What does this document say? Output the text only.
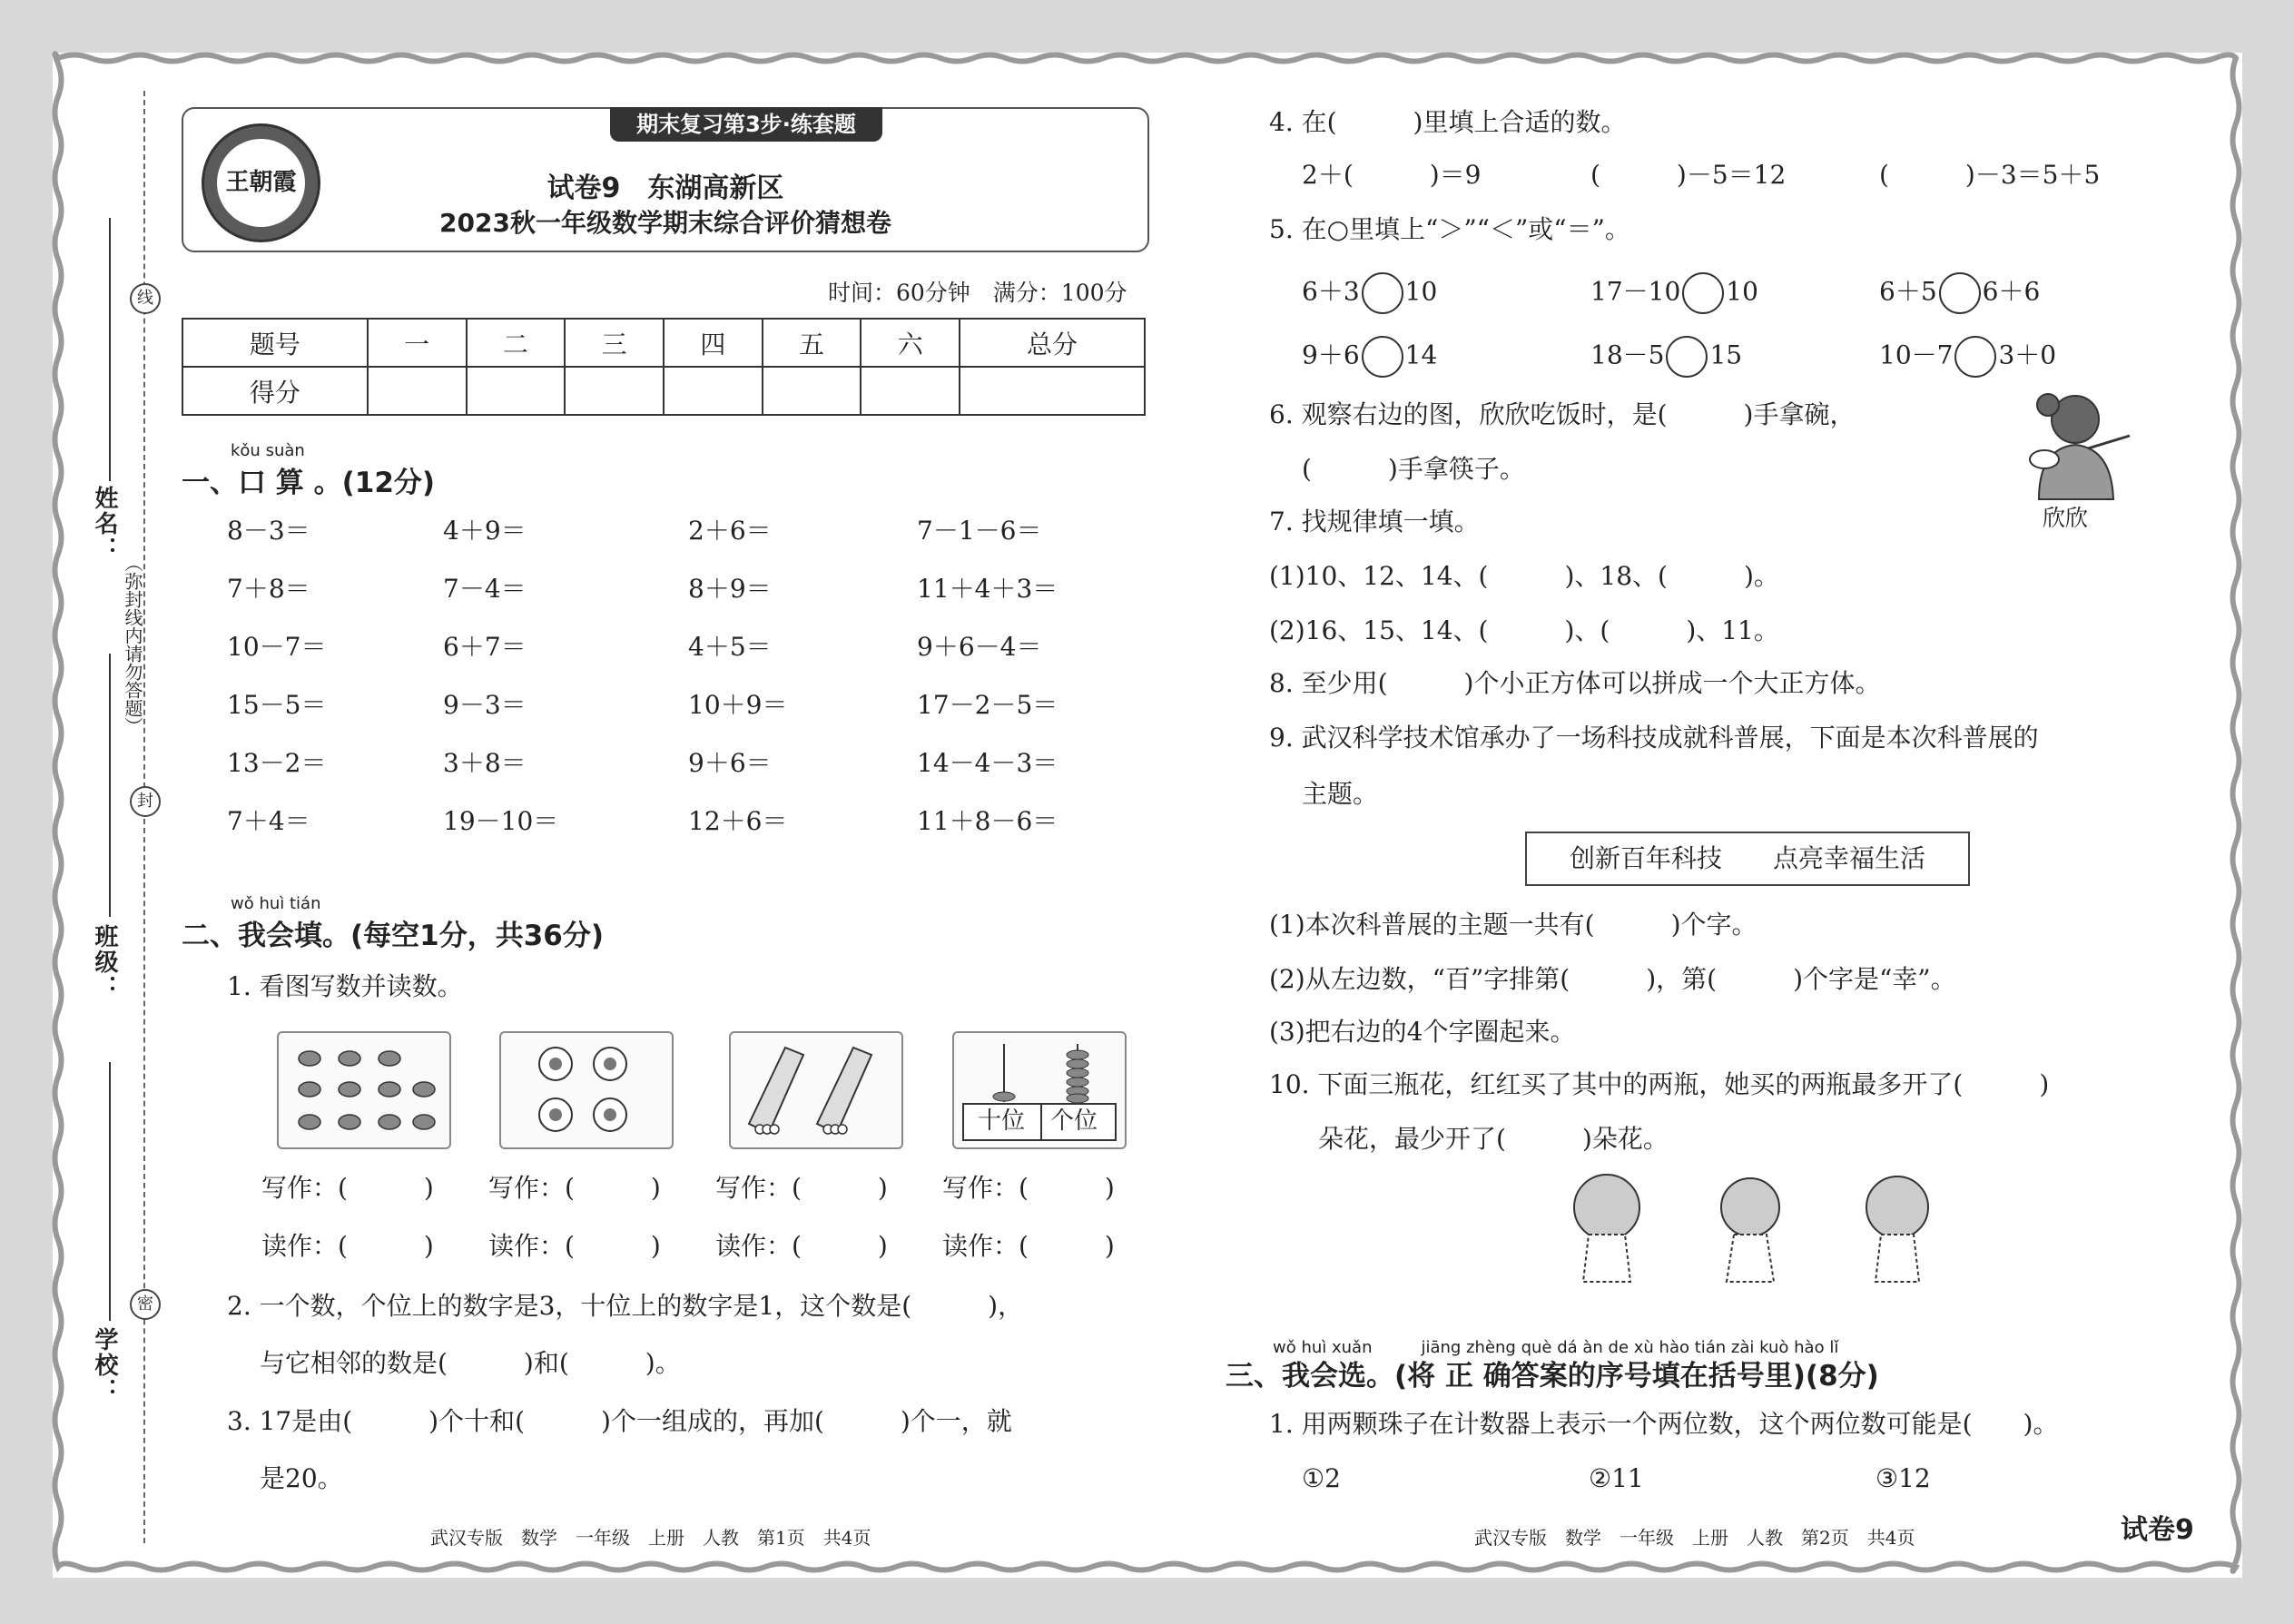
线
封
密
（弥封线内请勿答题）
姓名：
班级：
学校：
王朝霞
期末复习第3步·练套题
试卷9　东湖高新区
2023秋一年级数学期末综合评价猜想卷
时间：60分钟　满分：100分
题号	一	二	三	四	五	六	总分
得分							
kǒu suàn
一、口 算 。(12分)
8－3＝	4＋9＝	2＋6＝	7－1－6＝
7＋8＝	7－4＝	8＋9＝	11＋4＋3＝
10－7＝	6＋7＝	4＋5＝	9＋6－4＝
15－5＝	9－3＝	10＋9＝	17－2－5＝
13－2＝	3＋8＝	9＋6＝	14－4－3＝
7＋4＝	19－10＝	12＋6＝	11＋8－6＝
wǒ huì tián
二、我会填。(每空1分，共36分)
1. 看图写数并读数。
十位 个位
写作：(　　　)
读作：(　　　)
写作：(　　　)
读作：(　　　)
写作：(　　　)
读作：(　　　)
写作：(　　　)
读作：(　　　)
2. 一个数，个位上的数字是3，十位上的数字是1，这个数是(　　　)，
与它相邻的数是(　　　)和(　　　)。
3. 17是由(　　　)个十和(　　　)个一组成的，再加(　　　)个一，就
是20。
4. 在(　　　)里填上合适的数。
2＋(　　　)＝9	(　　　)－5＝12	(　　　)－3＝5＋5
5. 在○里填上“＞”“＜”或“＝”。
6＋3 10	17－10 10	6＋5 6＋6
9＋6 14	18－5 15	10－7 3＋0
6. 观察右边的图，欣欣吃饭时，是(　　　)手拿碗，
(　　　)手拿筷子。
欣欣
7. 找规律填一填。
(1)10、12、14、(　　　)、18、(　　　)。
(2)16、15、14、(　　　)、(　　　)、11。
8. 至少用(　　　)个小正方体可以拼成一个大正方体。
9. 武汉科学技术馆承办了一场科技成就科普展，下面是本次科普展的
主题。
创新百年科技　　点亮幸福生活
(1)本次科普展的主题一共有(　　　)个字。
(2)从左边数，“百”字排第(　　　)，第(　　　)个字是“幸”。
(3)把右边的4个字圈起来。
10. 下面三瓶花，红红买了其中的两瓶，她买的两瓶最多开了(　　　)
朵花，最少开了(　　　)朵花。
wǒ huì xuǎn　　　jiāng zhèng què dá àn de xù hào tián zài kuò hào lǐ
三、我会选。(将 正 确答案的序号填在括号里)(8分)
1. 用两颗珠子在计数器上表示一个两位数，这个两位数可能是(　　)。
①2	②11	③12
武汉专版　数学　一年级　上册　人教　第1页　共4页	武汉专版　数学　一年级　上册　人教　第2页　共4页	试卷9
